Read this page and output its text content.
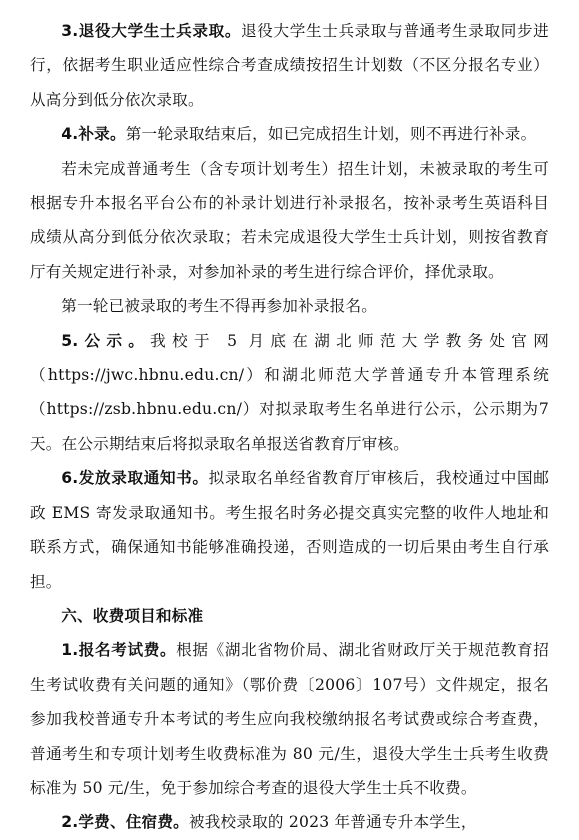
3.退役大学生士兵录取。退役大学生士兵录取与普通考生录取同步进行，依据考生职业适应性综合考查成绩按招生计划数（不区分报名专业）从高分到低分依次录取。

4.补录。第一轮录取结束后，如已完成招生计划，则不再进行补录。

若未完成普通考生（含专项计划考生）招生计划，未被录取的考生可根据专升本报名平台公布的补录计划进行补录报名，按补录考生英语科目成绩从高分到低分依次录取；若未完成退役大学生士兵计划，则按省教育厅有关规定进行补录，对参加补录的考生进行综合评价，择优录取。

第一轮已被录取的考生不得再参加补录报名。

5.公示。我校于 5 月底在湖北师范大学教务处官网（https://jwc.hbnu.edu.cn/）和湖北师范大学普通专升本管理系统（https://zsb.hbnu.edu.cn/）对拟录取考生名单进行公示，公示期为7天。在公示期结束后将拟录取名单报送省教育厅审核。

6.发放录取通知书。拟录取名单经省教育厅审核后，我校通过中国邮政 EMS 寄发录取通知书。考生报名时务必提交真实完整的收件人地址和联系方式，确保通知书能够准确投递，否则造成的一切后果由考生自行承担。

六、收费项目和标准

1.报名考试费。根据《湖北省物价局、湖北省财政厅关于规范教育招生考试收费有关问题的通知》（鄂价费〔2006〕107号）文件规定，报名参加我校普通专升本考试的考生应向我校缴纳报名考试费或综合考查费，普通考生和专项计划考生收费标准为 80 元/生，退役大学生士兵考生收费标准为 50 元/生，免于参加综合考查的退役大学生士兵不收费。

2.学费、住宿费。被我校录取的 2023 年普通专升本学生，
